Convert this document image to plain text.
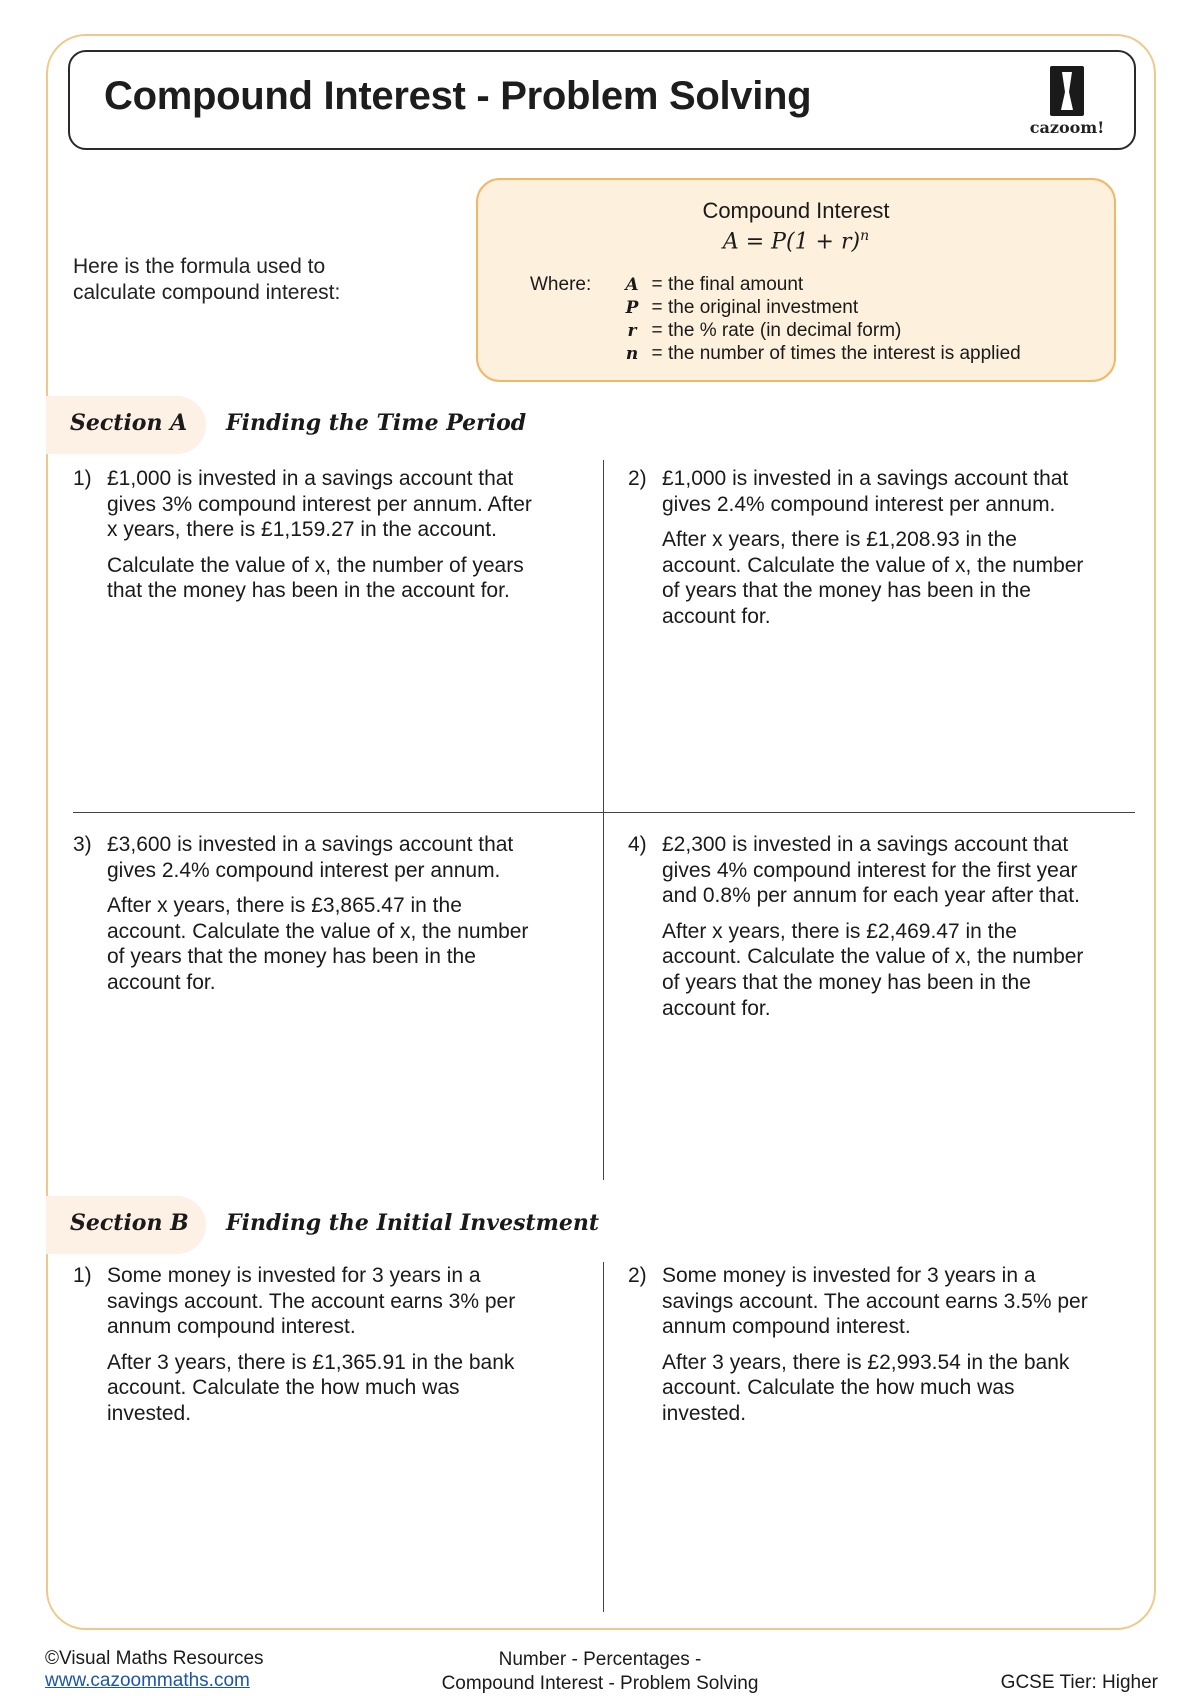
Compound Interest - Problem Solving
cazoom!
Here is the formula used to
calculate compound interest:
Compound Interest
$A = P(1 + r)^n$
Where:	A = the final amount
P = the original investment
r = the % rate (in decimal form)
n = the number of times the interest is applied
Section A Finding the Time Period
1) £1,000 is invested in a savings account that gives 3% compound interest per annum. After x years, there is £1,159.27 in the account.

Calculate the value of x, the number of years that the money has been in the account for.

2) £1,000 is invested in a savings account that gives 2.4% compound interest per annum.

After x years, there is £1,208.93 in the account. Calculate the value of x, the number of years that the money has been in the account for.

3) £3,600 is invested in a savings account that gives 2.4% compound interest per annum.

After x years, there is £3,865.47 in the account. Calculate the value of x, the number of years that the money has been in the account for.

4) £2,300 is invested in a savings account that gives 4% compound interest for the first year and 0.8% per annum for each year after that.

After x years, there is £2,469.47 in the account. Calculate the value of x, the number of years that the money has been in the account for.

Section B Finding the Initial Investment
1) Some money is invested for 3 years in a savings account. The account earns 3% per annum compound interest.

After 3 years, there is £1,365.91 in the bank account. Calculate the how much was invested.

2) Some money is invested for 3 years in a savings account. The account earns 3.5% per annum compound interest.

After 3 years, there is £2,993.54 in the bank account. Calculate the how much was invested.

©Visual Maths Resources
www.cazoommaths.com
Number - Percentages -
Compound Interest - Problem Solving	GCSE Tier: Higher
